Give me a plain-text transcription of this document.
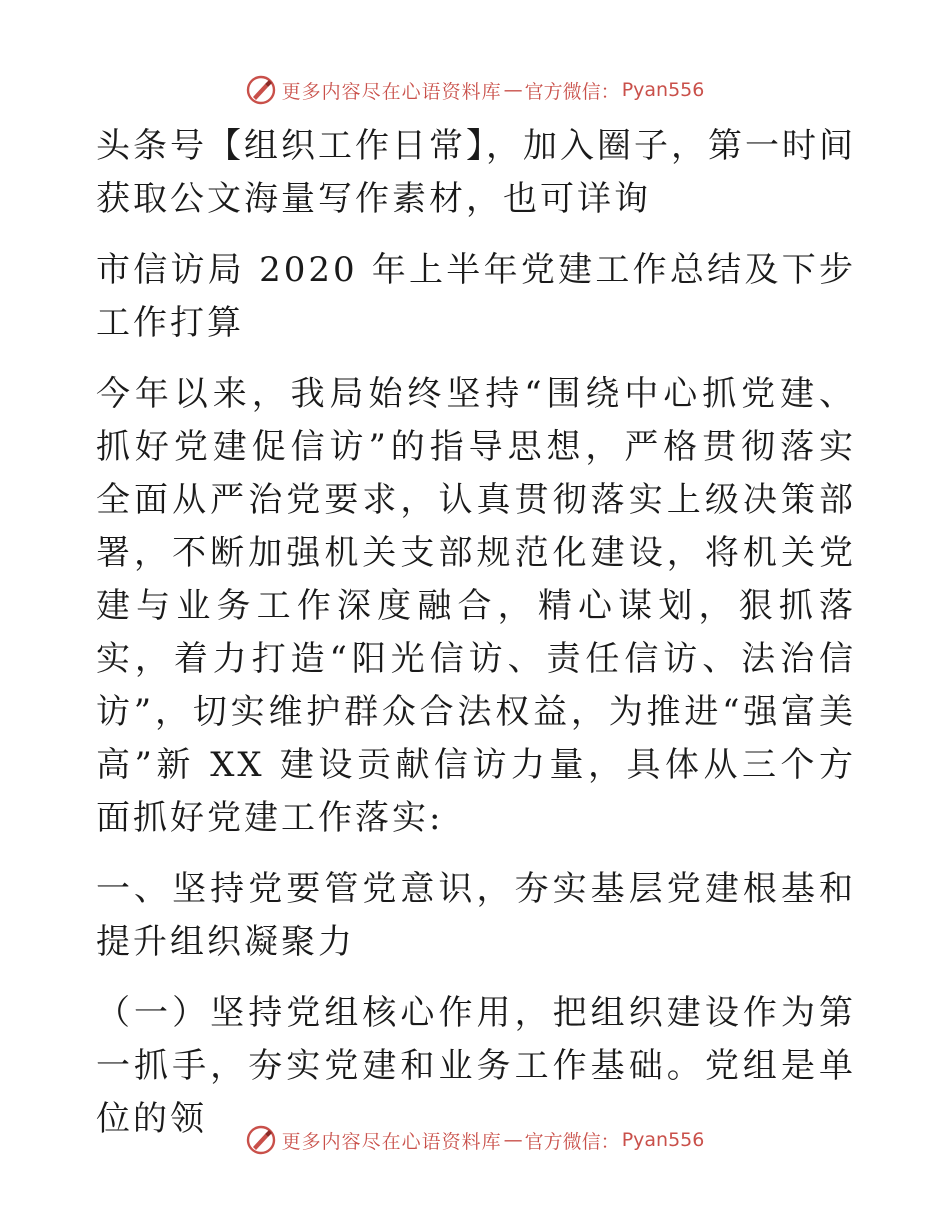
更多内容尽在心语资料库 — 官方微信： Pyan556

头条号【组织工作日常】，加入圈子，第一时间获取公文海量写作素材，也可详询

市信访局 2020 年上半年党建工作总结及下步工作打算

今年以来，我局始终坚持“围绕中心抓党建、抓好党建促信访”的指导思想，严格贯彻落实全面从严治党要求，认真贯彻落实上级决策部署，不断加强机关支部规范化建设，将机关党建与业务工作深度融合，精心谋划，狠抓落实，着力打造“阳光信访、责任信访、法治信访”，切实维护群众合法权益，为推进“强富美高”新 XX 建设贡献信访力量，具体从三个方面抓好党建工作落实:

一、坚持党要管党意识，夯实基层党建根基和提升组织凝聚力

（一）坚持党组核心作用，把组织建设作为第一抓手，夯实党建和业务工作基础。党组是单位的领

更多内容尽在心语资料库 — 官方微信： Pyan556
